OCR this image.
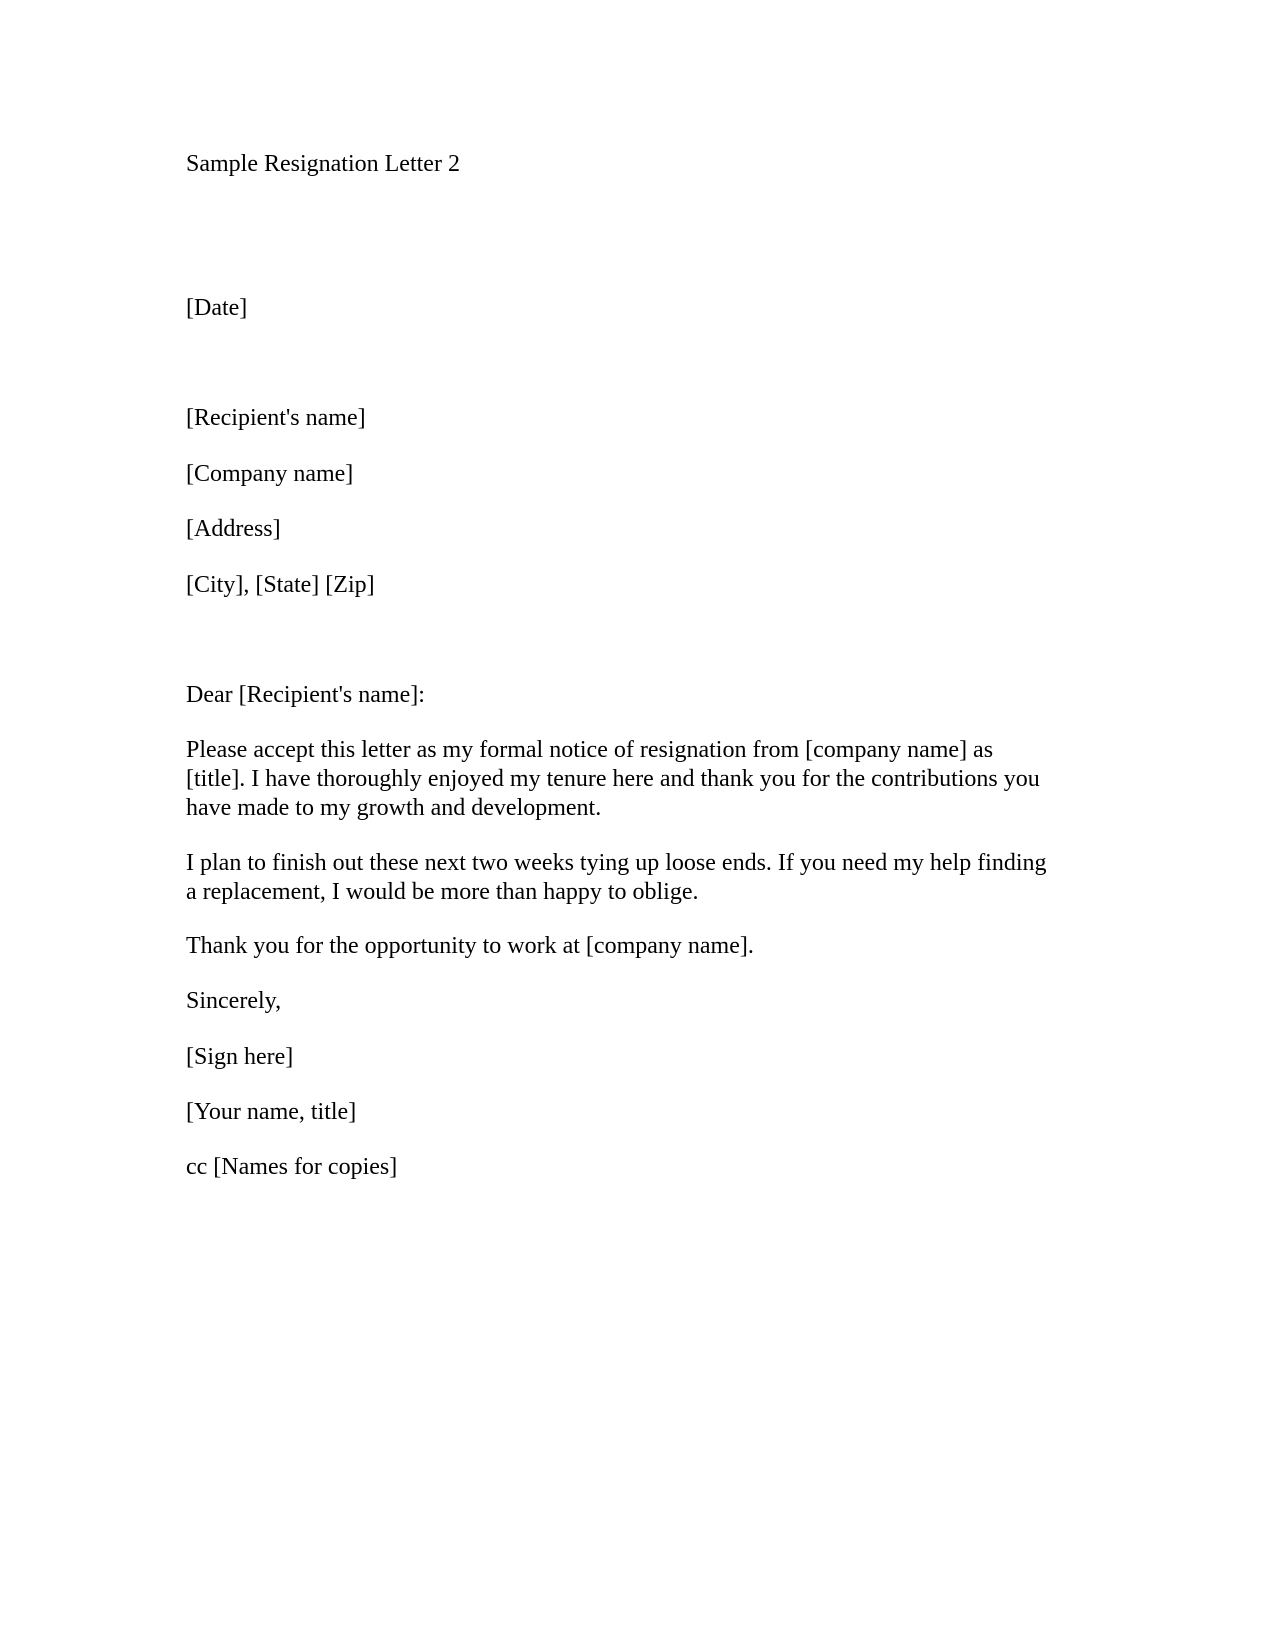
Sample Resignation Letter 2

[Date]

[Recipient's name]

[Company name]

[Address]

[City], [State] [Zip]

Dear [Recipient's name]:

Please accept this letter as my formal notice of resignation from [company name] as
[title]. I have thoroughly enjoyed my tenure here and thank you for the contributions you
have made to my growth and development.
I plan to finish out these next two weeks tying up loose ends. If you need my help finding
a replacement, I would be more than happy to oblige.

Thank you for the opportunity to work at [company name].

Sincerely,

[Sign here]

[Your name, title]

cc [Names for copies]
